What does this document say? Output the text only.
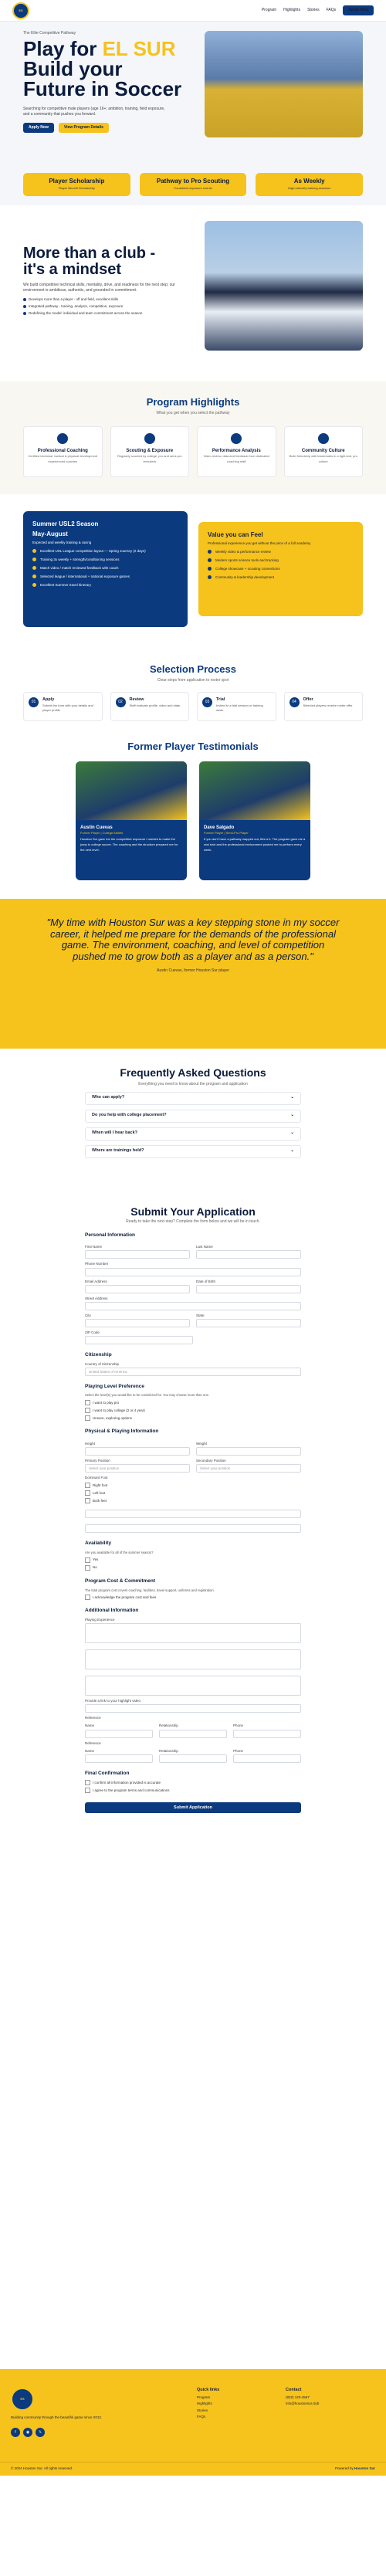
ES	Program Highlights Stories FAQs	Apply Now
The Elite Competitive Pathway
Play for EL SUR
Build your Future in Soccer

Searching for competitive male players (age 16+; ambition, training, field exposure, and a community that pushes you forward.

Apply Now	View Program Details
Player Scholarship
Player Benefit Scholarship
Pathway to Pro Scouting
Consistent exposure events
As Weekly
High-intensity training sessions
More than a club - it's a mindset

We build competitive technical skills, mentality, drive, and readiness for the next step; our environment is ambitious, authentic, and grounded in commitment.

Develops more than a player - off and field, excellent skills
Integrated pathway - training, analysis, competition, exposure
Redefining the model: individual and team commitment across the season
Program Highlights
What you get when you select the pathway
Professional Coaching
Certified technical, tactical & physical development experienced coaches
Scouting & Exposure
Regularly scouted by college, pro and semi-pro recruiters
Performance Analysis
Video review, data and feedback from dedicated coaching staff
Community Culture
Build friendship with teammates in a tight-knit, pro culture
Summer USL2 Season
May-August
Expected and weekly training & racing
Excellent USL League competition layout — Spring Journey (2 days)
Training 3x weekly + strength/conditioning sessions
Match video / match reviewed feedback with coach
Selected league / international + national exposure games
Excellent Summer travel itinerary
Value you can Feel
Professional experience you get without the price of a full academy
Weekly video & performance review
Modern sports science tools and tracking
College showcase + scouting connections
Community & leadership development
Selection Process
Clear steps from application to roster spot
01
Apply
Submit the form with your details and player profile
02
Review
Staff evaluate profile, video and stats
03
Trial
Invited to a trial session or training week
04
Offer
Selected players receive roster offer
Former Player Testimonials
Austin Cuevas
Former Player | College Athlete
Houston Sur gave me the competitive exposure I needed to make the jump to college soccer. The coaching and the structure prepared me for the next level.
Dave Salgado
Former Player | Semi-Pro Player
If you don't have a pathway mapped out, this is it. The program gave me a real shot and the professional environment pushed me to perform every week.

"My time with Houston Sur was a key stepping stone in my soccer career, it helped me prepare for the demands of the professional game. The environment, coaching, and level of competition pushed me to grow both as a player and as a person."

Austin Cuevas, former Houston Sur player
Frequently Asked Questions
Everything you need to know about the program and application
Who can apply?	⌄
Do you help with college placement?	⌄
When will I hear back?	⌄
Where are trainings held?	⌄
Submit Your Application
Ready to take the next step? Complete the form below and we will be in touch.
Personal Information
First Name	Last Name
Phone Number
Email Address	Date of Birth
Street Address
City	State
ZIP Code
Citizenship
Country of Citizenship
United States of America
Playing Level Preference
Select the level(s) you would like to be considered for. You may choose more than one.
I want to play pro
I want to play college (2 or 4 year)
Unsure, exploring options
Physical & Playing Information
Height	Weight
Primary Position
Select your position
Secondary Position
Select your position
Dominant Foot
Right foot
Left foot
Both feet
Availability
Are you available for all of the summer season?
Yes
No
Program Cost & Commitment
The total program cost covers coaching, facilities, travel support, uniforms and registration.
I acknowledge the program cost and fees
Additional Information
Playing Experience
Provide a link to your highlight video
Reference
Name	Relationship	Phone
Reference
Name	Relationship	Phone
Final Confirmation
I confirm all information provided is accurate
I agree to the program terms and communications
Submit Application
ES
Building community through the beautiful game since 2012.
f	◉	𝕏
Quick links
Program
Highlights
Stories
FAQs
Contact
(832) 123-4567
info@houstonsur.club
© 2024 Houston Sur. All rights reserved.	Powered by Houston Sur
